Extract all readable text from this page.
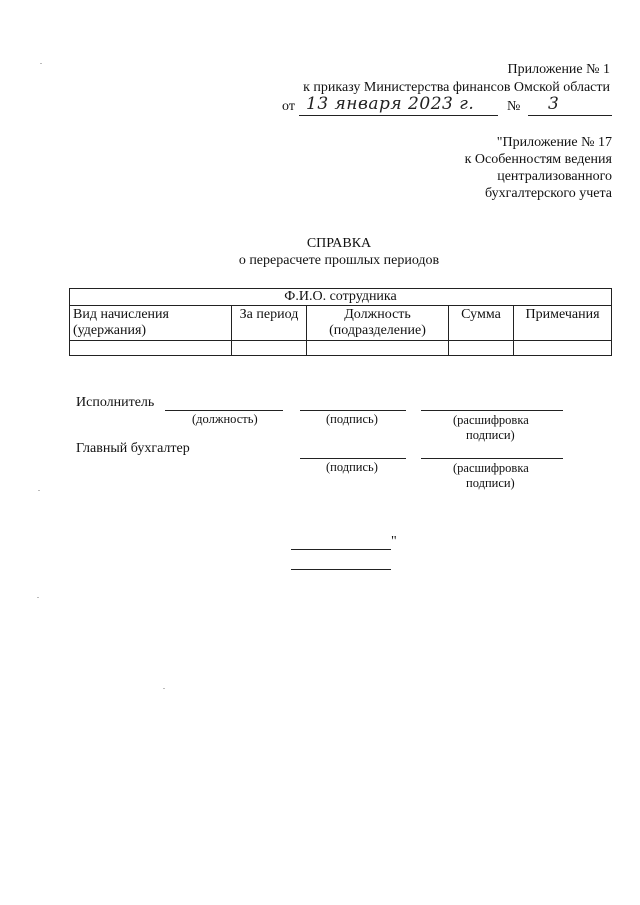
Приложение № 1
к приказу Министерства финансов Омской области
от 13 января 2023 г. № 3
"Приложение № 17
к Особенностям ведения
централизованного
бухгалтерского учета
СПРАВКА
о перерасчете прошлых периодов
Ф.И.О. сотрудника				
Вид начисления (удержания)	За период	Должность (подразделение)	Сумма	Примечания

Исполнитель
(должность)	(подпись)	(расшифровка
подписи)
Главный бухгалтер
(подпись)	(расшифровка
подписи)
"
